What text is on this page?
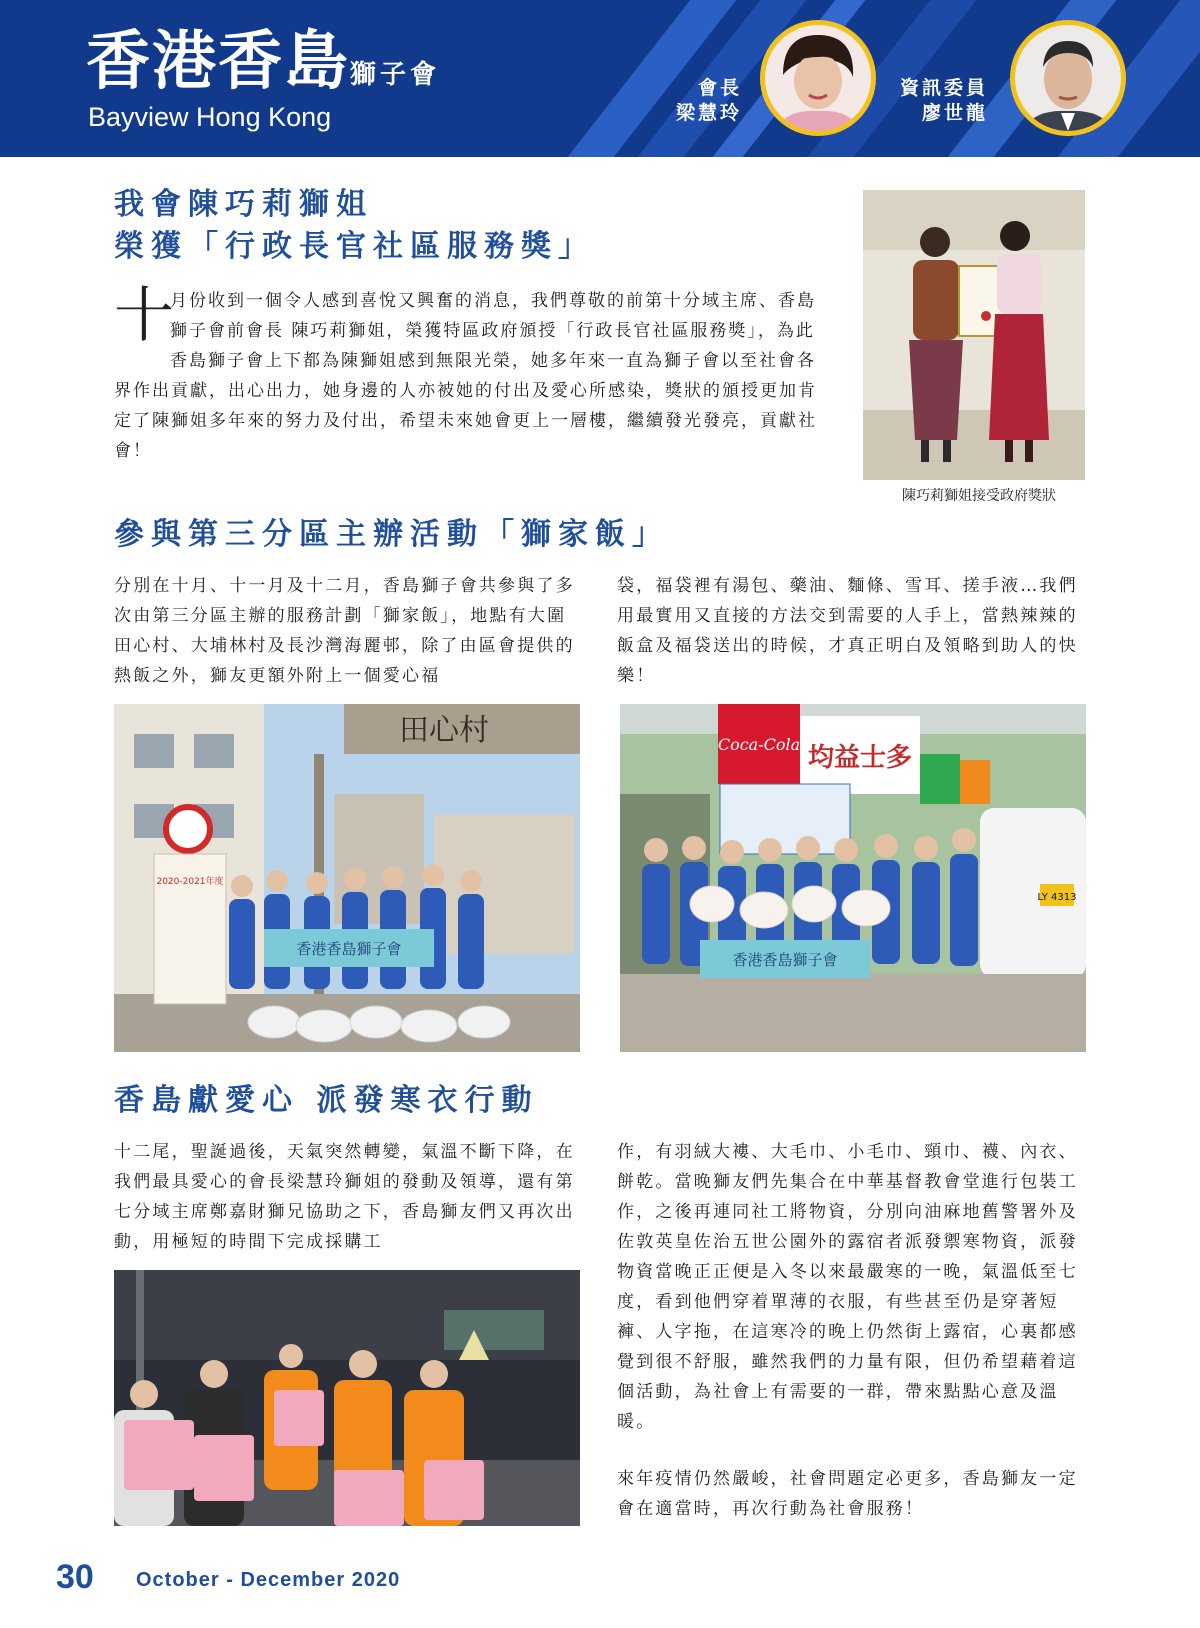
香港香島獅子會
Bayview Hong Kong
會長
梁慧玲
資訊委員
廖世龍
我會陳巧莉獅姐
榮獲「行政長官社區服務獎」
十
月份收到一個令人感到喜悅又興奮的消息，我們尊敬的前第十分域主席、香島獅子會前會長 陳巧莉獅姐，榮獲特區政府頒授「行政長官社區服務獎」，為此香島獅子會上下都為陳獅姐感到無限光榮，她多年來一直為獅子會以至社會各界作出貢獻，出心出力，她身邊的人亦被她的付出及愛心所感染，獎狀的頒授更加肯定了陳獅姐多年來的努力及付出，希望未來她會更上一層樓，繼續發光發亮，貢獻社會！
陳巧莉獅姐接受政府獎狀
參與第三分區主辦活動「獅家飯」

分別在十月、十一月及十二月，香島獅子會共參與了多次由第三分區主辦的服務計劃「獅家飯」，地點有大圍田心村、大埔林村及長沙灣海麗邨，除了由區會提供的熱飯之外，獅友更額外附上一個愛心福

袋，福袋裡有湯包、藥油、麵條、雪耳、搓手液…我們用最實用又直接的方法交到需要的人手上，當熱辣辣的飯盒及福袋送出的時候，才真正明白及領略到助人的快樂！

田心村
2020-2021年度
香港香島獅子會
Coca-Cola 均益士多
LY 4313
香港香島獅子會
香島獻愛心 派發寒衣行動

十二尾，聖誕過後，天氣突然轉變，氣溫不斷下降，在我們最具愛心的會長梁慧玲獅姐的發動及領導，還有第七分域主席鄭嘉財獅兄協助之下，香島獅友們又再次出動，用極短的時間下完成採購工

作，有羽絨大褸、大毛巾、小毛巾、頸巾、襪、內衣、餅乾。當晚獅友們先集合在中華基督教會堂進行包裝工作，之後再連同社工將物資，分別向油麻地舊警署外及佐敦英皇佐治五世公園外的露宿者派發禦寒物資，派發物資當晚正正便是入冬以來最嚴寒的一晚，氣溫低至七度，看到他們穿着單薄的衣服，有些甚至仍是穿著短褲、人字拖，在這寒冷的晚上仍然街上露宿，心裏都感覺到很不舒服，雖然我們的力量有限，但仍希望藉着這個活動，為社會上有需要的一群，帶來點點心意及溫暖。

來年疫情仍然嚴峻，社會問題定必更多，香島獅友一定會在適當時，再次行動為社會服務！

30 October - December 2020
